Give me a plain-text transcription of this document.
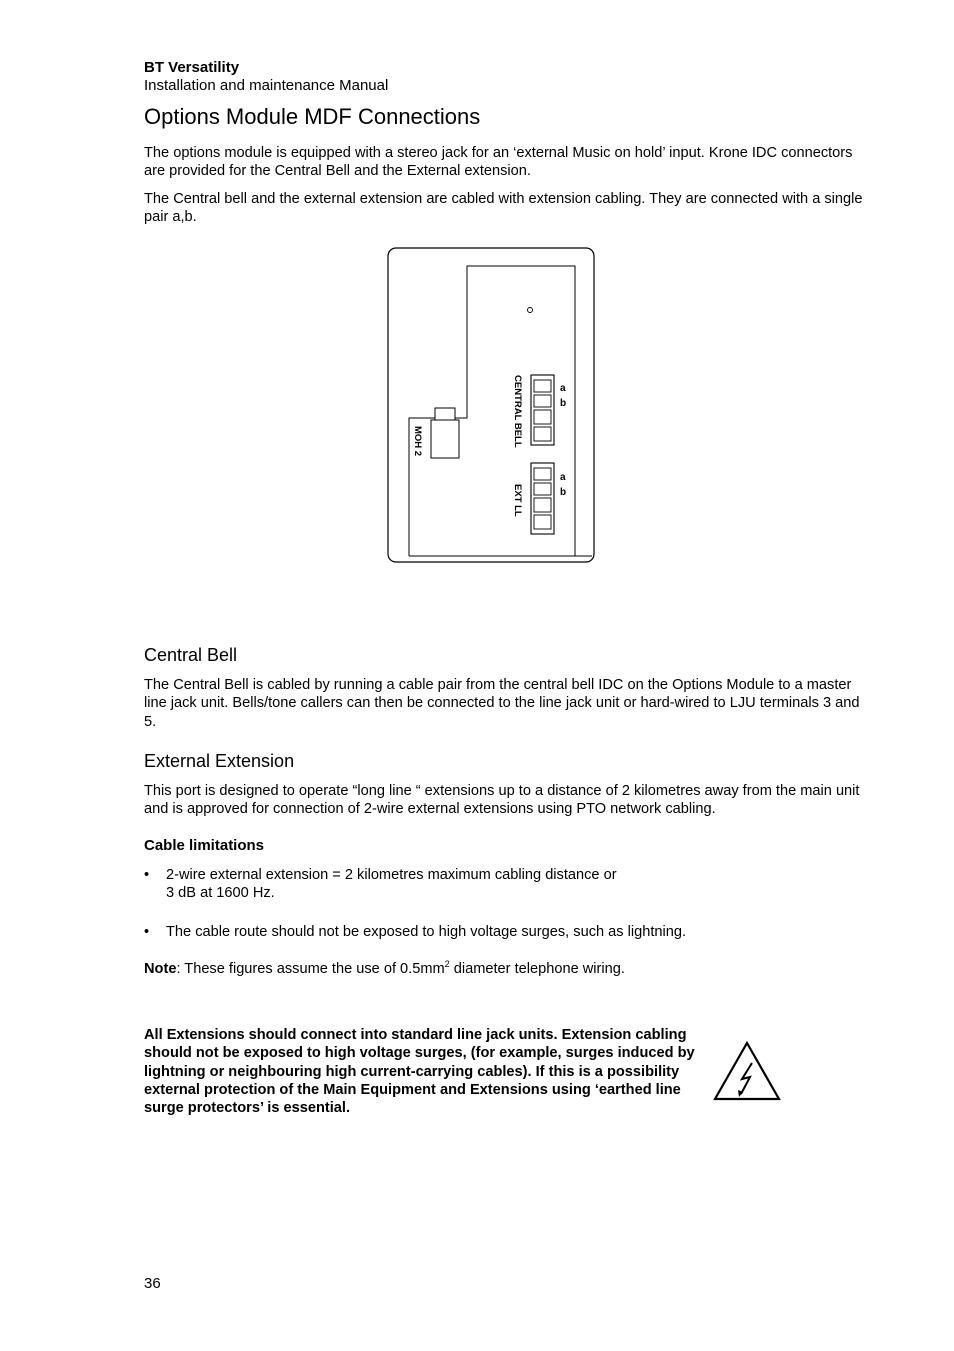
BT Versatility
Installation and maintenance Manual
Options Module MDF Connections

The options module is equipped with a stereo jack for an ‘external Music on hold’ input. Krone IDC connectors are provided for the Central Bell and the External extension.

The Central bell and the external extension are cabled with extension cabling. They are connected with a single pair a,b.

MOH 2	CENTRAL BELL	a
b
EXT LL
a
b
Central Bell

The Central Bell is cabled by running a cable pair from the central bell IDC on the Options Module to a master line jack unit. Bells/tone callers can then be connected to the line jack unit or hard-wired to LJU terminals 3 and 5.

External Extension

This port is designed to operate “long line “ extensions up to a distance of 2 kilometres away from the main unit and is approved for connection of 2-wire external extensions using PTO network cabling.

Cable limitations
• 2-wire external extension = 2 kilometres maximum cabling distance or
3 dB at 1600 Hz.
• The cable route should not be exposed to high voltage surges, such as lightning.
Note: These figures assume the use of $0.5mm^2$ diameter telephone wiring.
All Extensions should connect into standard line jack units. Extension cabling should not be exposed to high voltage surges, (for example, surges induced by lightning or neighbouring high current-carrying cables). If this is a possibility external protection of the Main Equipment and Extensions using ‘earthed line surge protectors’ is essential.
36
